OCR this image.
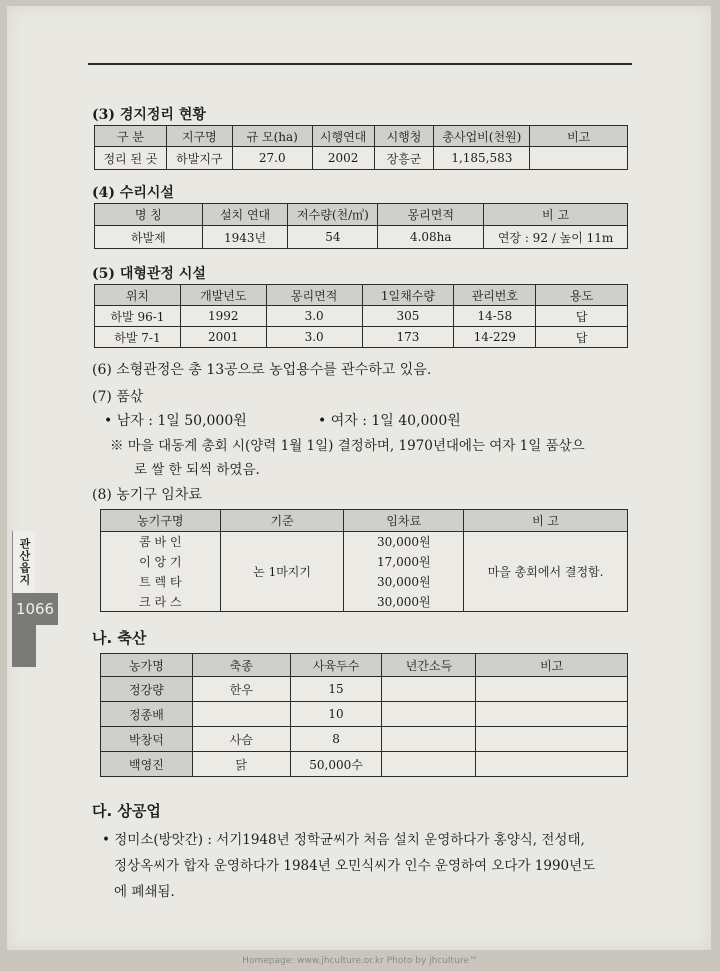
(3) 경지정리 현황
구 분	지구명	규 모(ha)	시행연대	시행청	총사업비(천원)	비고
정리 된 곳	하발지구	27.0	2002	장흥군	1,185,583	
(4) 수리시설
명 칭	설치 연대	저수량(천/㎥)	몽리면적	비 고
하발제	1943년	54	4.08ha	연장 : 92 / 높이 11m
(5) 대형관정 시설
위치	개발년도	몽리면적	1일채수량	관리번호	용도
하발 96-1	1992	3.0	305	14-58	답
하발 7-1	2001	3.0	173	14-229	답
(6) 소형관정은 총 13공으로 농업용수를 관수하고 있음.
(7) 품삯
• 남자 : 1일 50,000원	• 여자 : 1일 40,000원
※ 마을 대동계 총회 시(양력 1월 1일) 결정하며, 1970년대에는 여자 1일 품삯으
로 쌀 한 되씩 하였음.
(8) 농기구 임차료
농기구명	기준	임차료	비 고
콤 바 인	논 1마지기	30,000원	마을 총회에서 결정함.
이 앙 기		17,000원	
트 렉 타		30,000원	
크 라 스		30,000원	
나. 축산
농가명	축종	사육두수	년간소득	비고
정강량	한우	15		
정종배		10		
박창덕	사슴	8		
백영진	닭	50,000수		
다. 상공업
• 정미소(방앗간) : 서기1948년 정학균씨가 처음 설치 운영하다가 홍양식, 전성태,
정상옥씨가 합자 운영하다가 1984년 오민식씨가 인수 운영하여 오다가 1990년도
에 폐쇄됨.
관산읍지
1066
Homepage: www.jhculture.or.kr Photo by jhculture™
